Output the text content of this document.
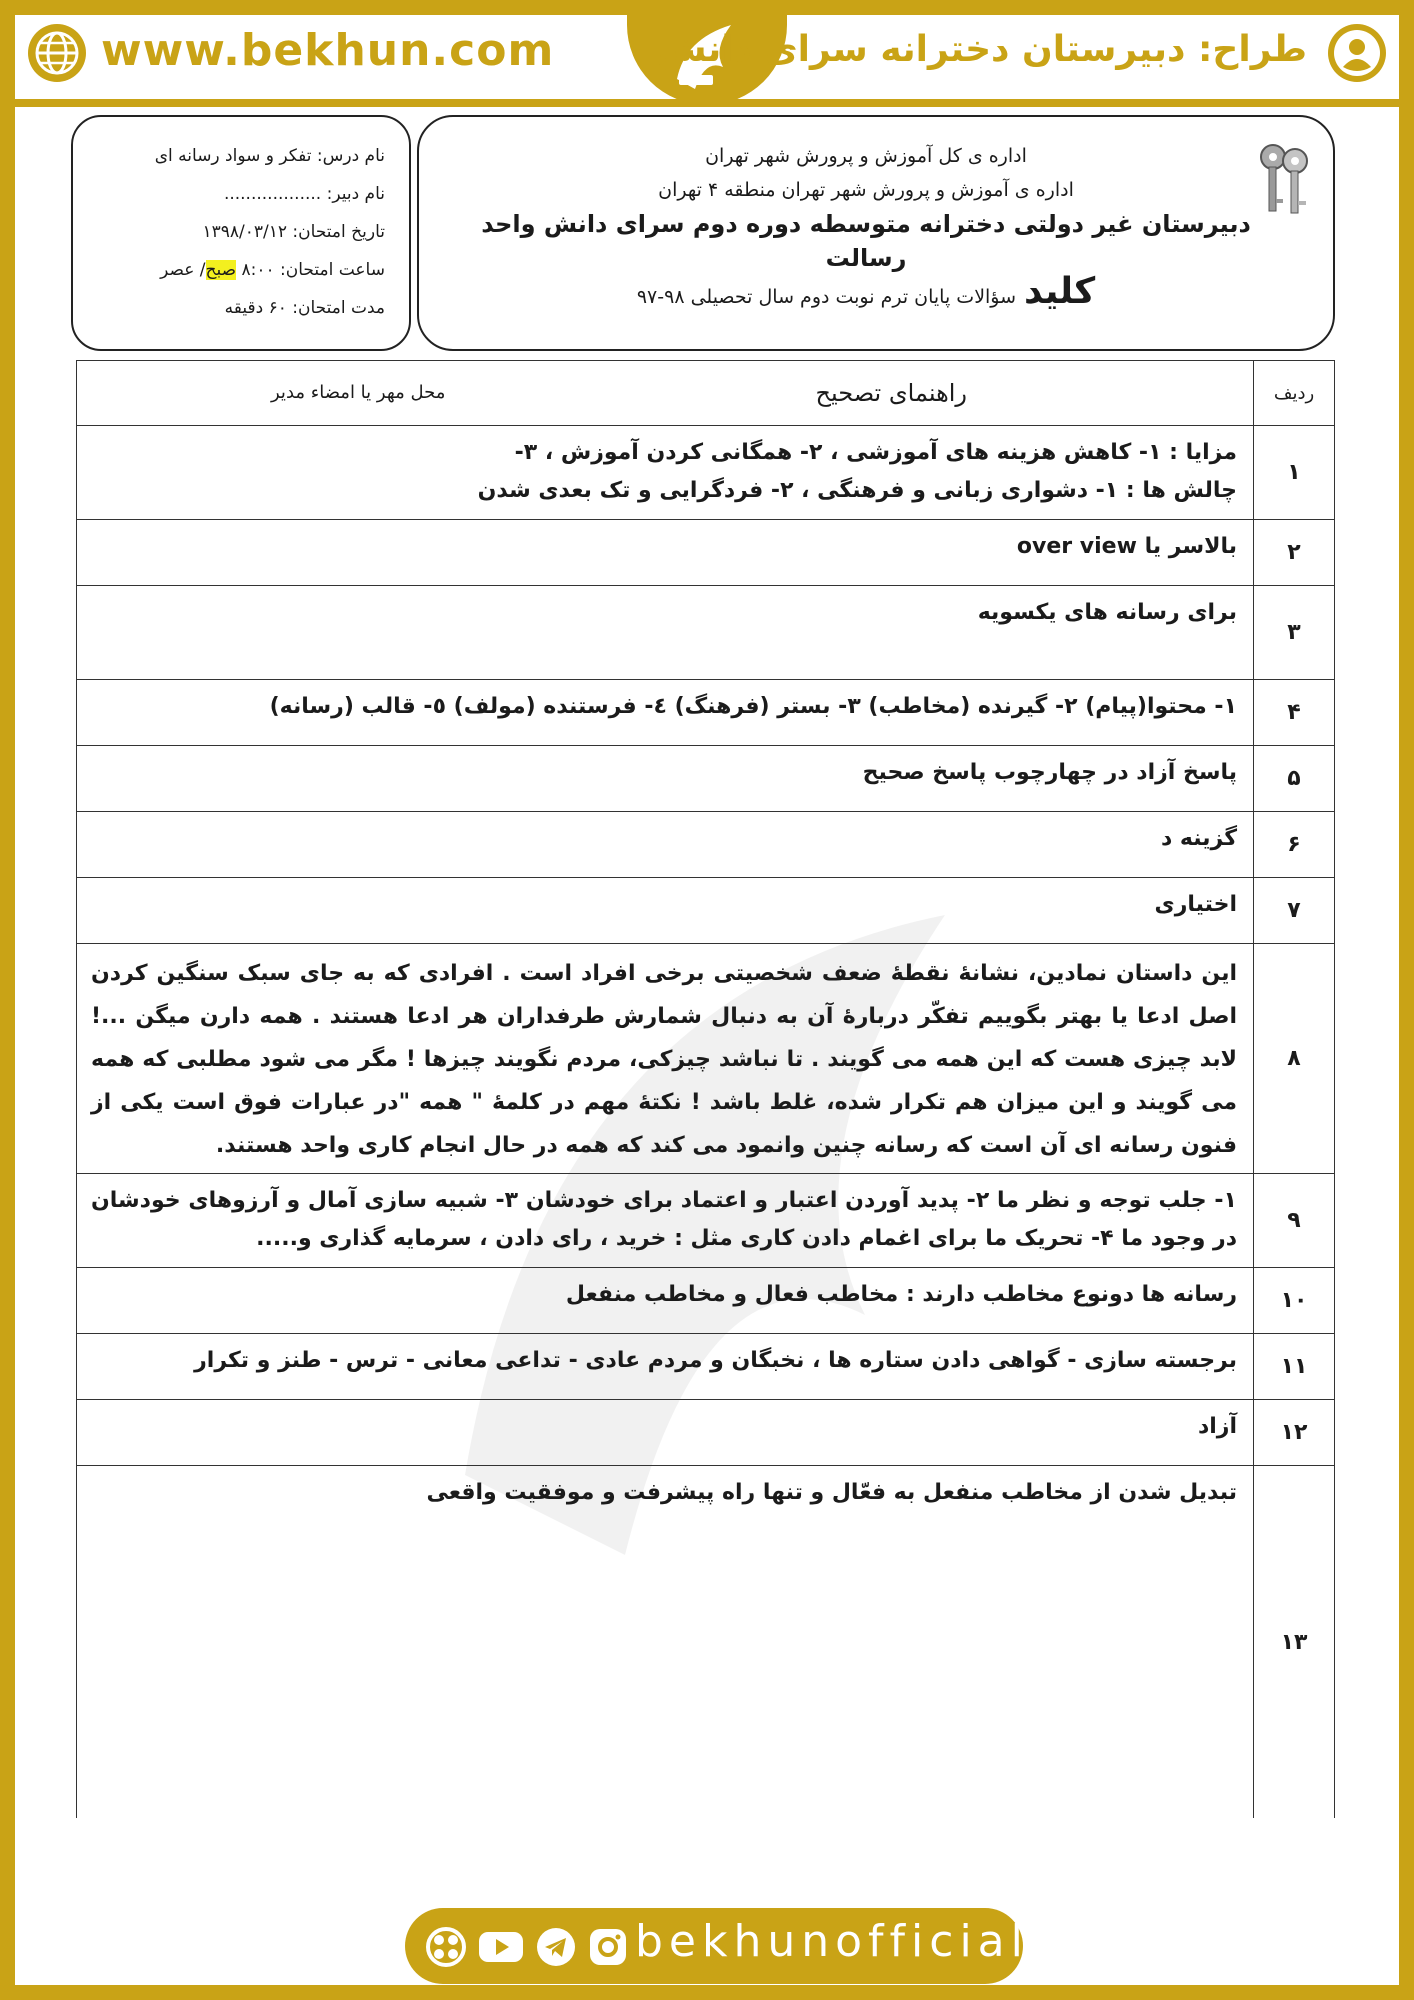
www.bekhun.com	طراح: دبیرستان دخترانه سرای دانش
اداره ی کل آموزش و پرورش شهر تهران
اداره ی آموزش و پرورش شهر تهران منطقه ۴ تهران
دبیرستان غیر دولتی دخترانه متوسطه دوره دوم سرای دانش واحد رسالت
کلیدسؤالات پایان ترم نوبت دوم سال تحصیلی ۹۸-۹۷
نام درس: تفکر و سواد رسانه ای
نام دبیر: ..................
تاریخ امتحان: ۱۳۹۸/۰۳/۱۲
ساعت امتحان: ۸:۰۰ صبح/ عصر
مدت امتحان: ۶۰ دقیقه
ردیف
راهنمای تصحیح
محل مهر یا امضاء مدیر
۱
مزایا : ۱- کاهش هزینه های آموزشی ، ۲- همگانی کردن آموزش ، ۳-
چالش ها : ۱- دشواری زبانی و فرهنگی ، ۲- فردگرایی و تک بعدی شدن
۲
بالاسر یا over view
۳
برای رسانه های یکسویه
۴
۱- محتوا(پیام) ۲- گیرنده (مخاطب) ۳- بستر (فرهنگ) ٤- فرستنده (مولف) ٥- قالب (رسانه)
۵
پاسخ آزاد در چهارچوب پاسخ صحیح
۶
گزینه د
۷
اختیاری
۸
این داستان نمادین، نشانۀ نقطۀ ضعف شخصیتی برخی افراد است . افرادی که به جای سبک سنگین کردن اصل ادعا یا بهتر بگوییم تفکّر دربارۀ آن به دنبال شمارش طرفداران هر ادعا هستند . همه دارن میگن ...! لابد چیزی هست که این همه می گویند . تا نباشد چیزکی، مردم نگویند چیزها ! مگر می شود مطلبی که همه می گویند و این میزان هم تکرار شده، غلط باشد ! نکتۀ مهم در کلمۀ " همه "در عبارات فوق است یکی از فنون رسانه ای آن است که رسانه چنین وانمود می کند که همه در حال انجام کاری واحد هستند.
۹
۱- جلب توجه و نظر ما ۲- پدید آوردن اعتبار و اعتماد برای خودشان ۳- شبیه سازی آمال و آرزوهای خودشان در وجود ما ۴- تحریک ما برای اغمام دادن کاری مثل : خرید ، رای دادن ، سرمایه گذاری و.....
۱۰
رسانه ها دونوع مخاطب دارند : مخاطب فعال و مخاطب منفعل
۱۱
برجسته سازی - گواهی دادن ستاره ها ، نخبگان و مردم عادی - تداعی معانی - ترس - طنز و تکرار
۱۲
آزاد
۱۳
تبدیل شدن از مخاطب منفعل به فعّال و تنها راه پیشرفت و موفقیت واقعی
bekhunofficial
